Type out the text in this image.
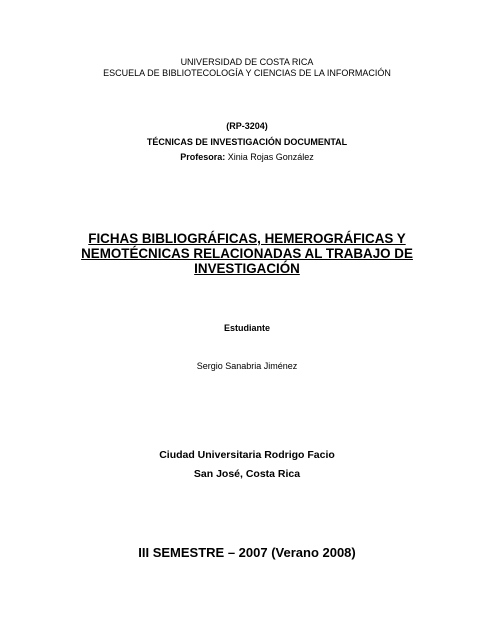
UNIVERSIDAD DE COSTA RICA
ESCUELA DE BIBLIOTECOLOGÍA Y CIENCIAS DE LA INFORMACIÓN
(RP-3204)
TÉCNICAS DE INVESTIGACIÓN DOCUMENTAL
Profesora: Xinia Rojas González
FICHAS BIBLIOGRÁFICAS, HEMEROGRÁFICAS Y
NEMOTÉCNICAS RELACIONADAS AL TRABAJO DE
INVESTIGACIÓN
Estudiante
Sergio Sanabria Jiménez
Ciudad Universitaria Rodrigo Facio
San José, Costa Rica
III SEMESTRE – 2007 (Verano 2008)
